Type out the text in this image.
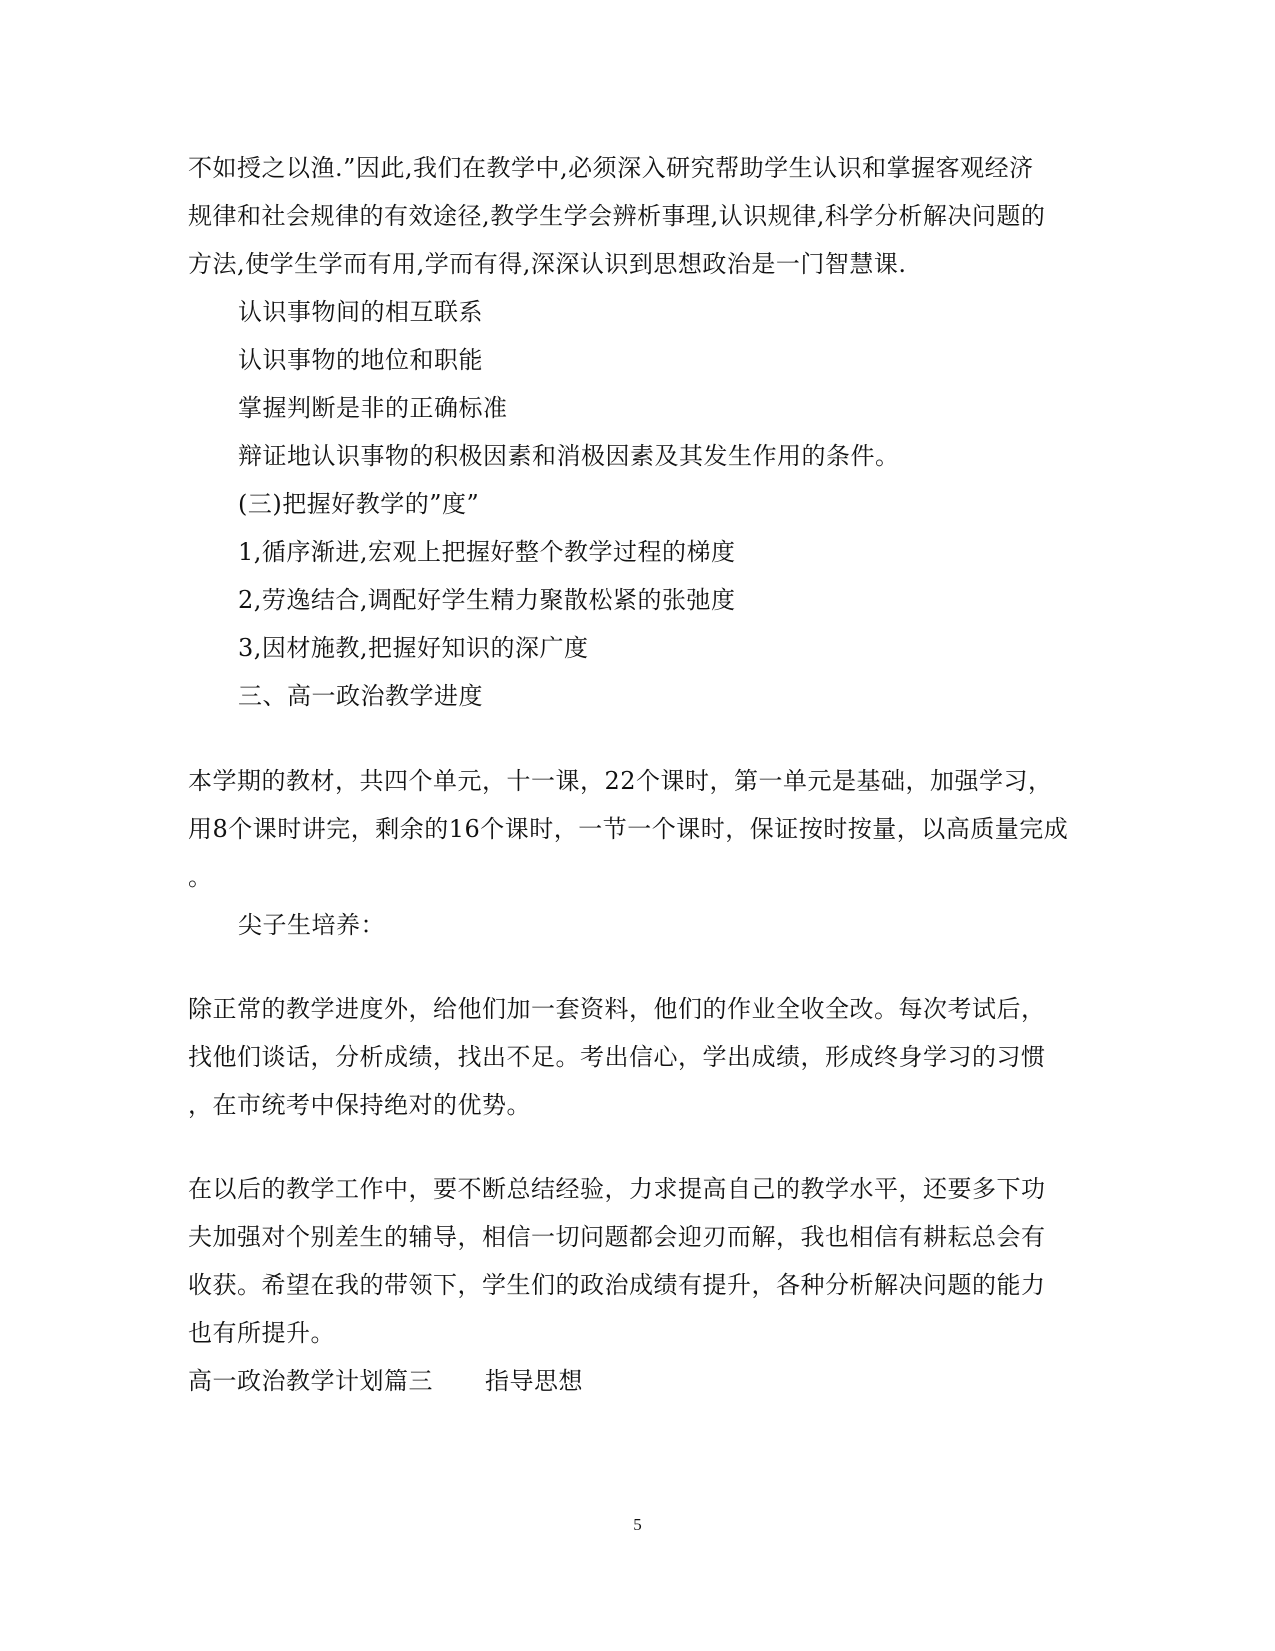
不如授之以渔.”因此,我们在教学中,必须深入研究帮助学生认识和掌握客观经济
规律和社会规律的有效途径,教学生学会辨析事理,认识规律,科学分析解决问题的
方法,使学生学而有用,学而有得,深深认识到思想政治是一门智慧课.
认识事物间的相互联系
认识事物的地位和职能
掌握判断是非的正确标准
辩证地认识事物的积极因素和消极因素及其发生作用的条件。
(三)把握好教学的”度”
1,循序渐进,宏观上把握好整个教学过程的梯度
2,劳逸结合,调配好学生精力聚散松紧的张弛度
3,因材施教,把握好知识的深广度
三、高一政治教学进度
本学期的教材，共四个单元，十一课，22个课时，第一单元是基础，加强学习，
用8个课时讲完，剩余的16个课时，一节一个课时，保证按时按量，以高质量完成
。
尖子生培养：
除正常的教学进度外，给他们加一套资料，他们的作业全收全改。每次考试后，
找他们谈话，分析成绩，找出不足。考出信心，学出成绩，形成终身学习的习惯
，在市统考中保持绝对的优势。
在以后的教学工作中，要不断总结经验，力求提高自己的教学水平，还要多下功
夫加强对个别差生的辅导，相信一切问题都会迎刃而解，我也相信有耕耘总会有
收获。希望在我的带领下，学生们的政治成绩有提升，各种分析解决问题的能力
也有所提升。
高一政治教学计划篇三 指导思想
5
